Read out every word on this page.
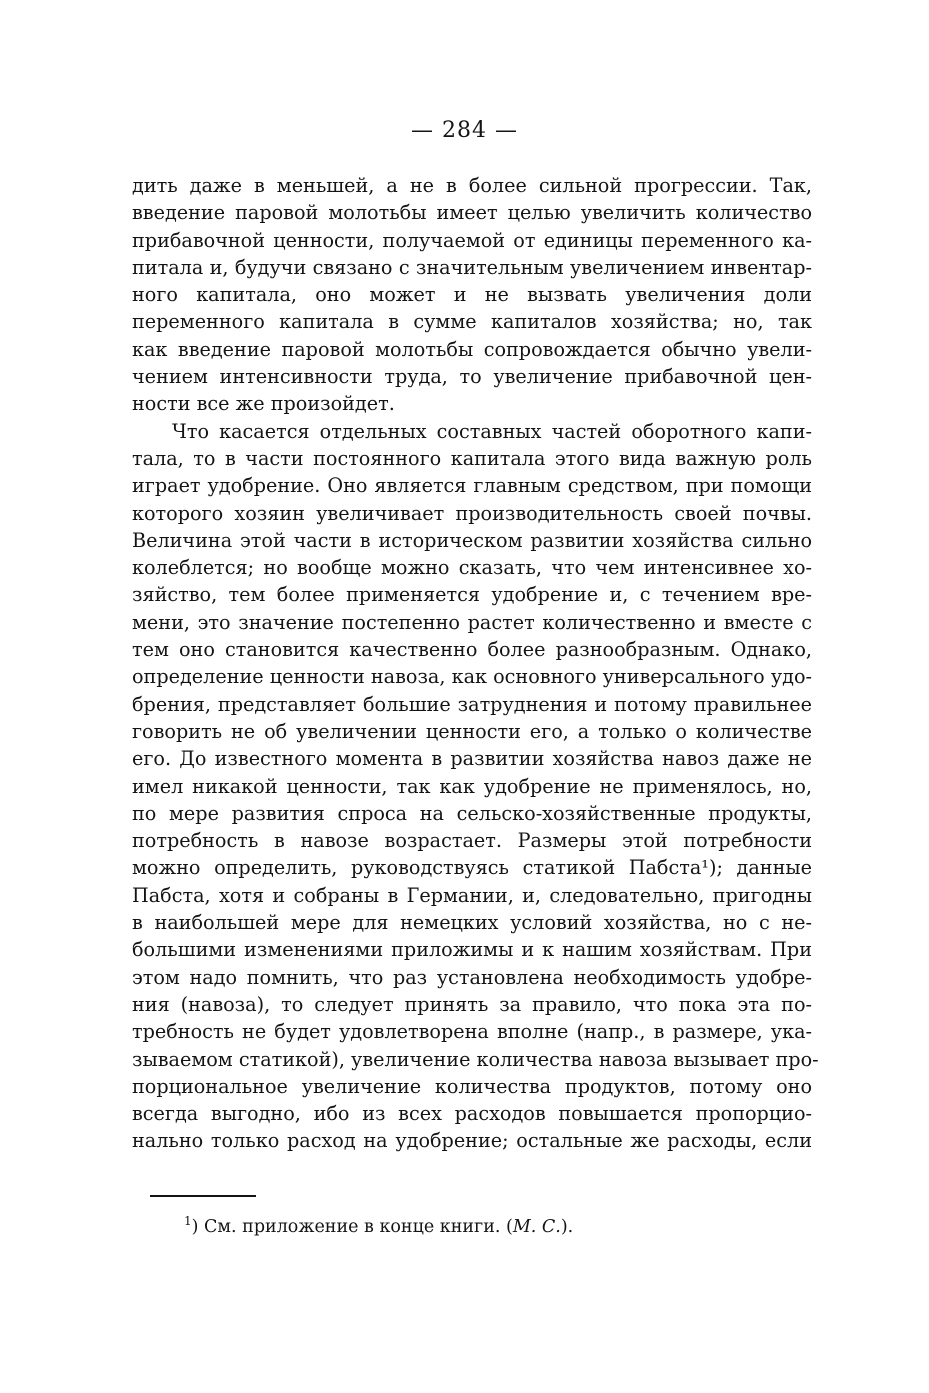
— 284 —
дить даже в меньшей, а не в более сильной прогрессии. Так,
введение паровой молотьбы имеет целью увеличить количество
прибавочной ценности, получаемой от единицы переменного ка-
питала и, будучи связано с значительным увеличением инвентар-
ного капитала, оно может и не вызвать увеличения доли
переменного капитала в сумме капиталов хозяйства; но, так
как введение паровой молотьбы сопровождается обычно увели-
чением интенсивности труда, то увеличение прибавочной цен-
ности все же произойдет.
Что касается отдельных составных частей оборотного капи-
тала, то в части постоянного капитала этого вида важную роль
играет удобрение. Оно является главным средством, при помощи
которого хозяин увеличивает производительность своей почвы.
Величина этой части в историческом развитии хозяйства сильно
колеблется; но вообще можно сказать, что чем интенсивнее хо-
зяйство, тем более применяется удобрение и, с течением вре-
мени, это значение постепенно растет количественно и вместе с
тем оно становится качественно более разнообразным. Однако,
определение ценности навоза, как основного универсального удо-
брения, представляет большие затруднения и потому правильнее
говорить не об увеличении ценности его, а только о количестве
его. До известного момента в развитии хозяйства навоз даже не
имел никакой ценности, так как удобрение не применялось, но,
по мере развития спроса на сельско-хозяйственные продукты,
потребность в навозе возрастает. Размеры этой потребности
можно определить, руководствуясь статикой Пабста¹); данные
Пабста, хотя и собраны в Германии, и, следовательно, пригодны
в наибольшей мере для немецких условий хозяйства, но с не-
большими изменениями приложимы и к нашим хозяйствам. При
этом надо помнить, что раз установлена необходимость удобре-
ния (навоза), то следует принять за правило, что пока эта по-
требность не будет удовлетворена вполне (напр., в размере, ука-
зываемом статикой), увеличение количества навоза вызывает про-
порциональное увеличение количества продуктов, потому оно
всегда выгодно, ибо из всех расходов повышается пропорцио-
нально только расход на удобрение; остальные же расходы, если
$^1$) См. приложение в конце книги. (М. С.).
